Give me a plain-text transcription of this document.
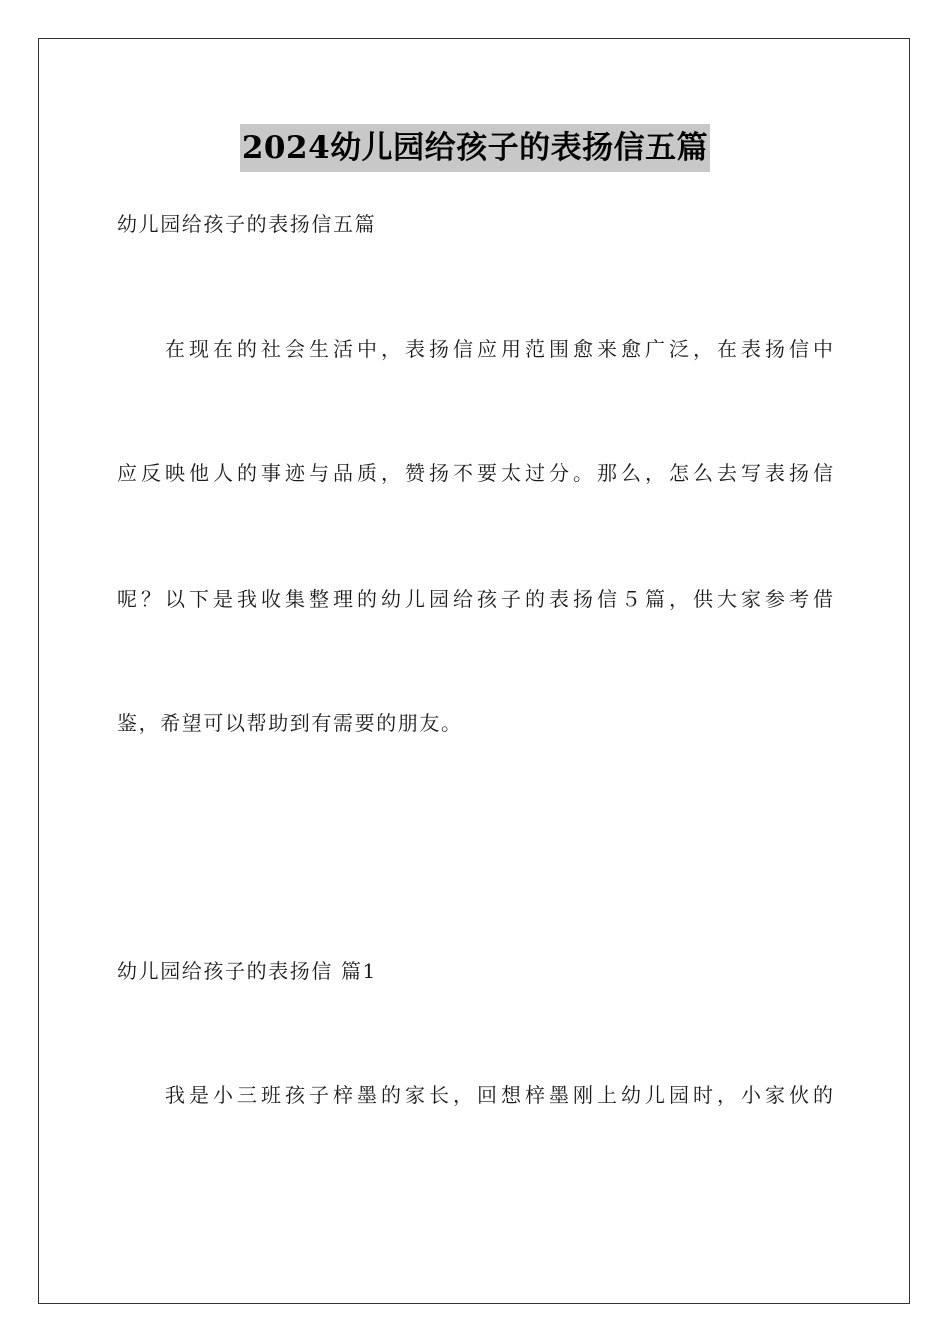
2024幼儿园给孩子的表扬信五篇
幼儿园给孩子的表扬信五篇
在现在的社会生活中，表扬信应用范围愈来愈广泛，在表扬信中
应反映他人的事迹与品质，赞扬不要太过分。那么，怎么去写表扬信
呢？以下是我收集整理的幼儿园给孩子的表扬信５篇，供大家参考借
鉴，希望可以帮助到有需要的朋友。
幼儿园给孩子的表扬信 篇1
我是小三班孩子梓墨的家长，回想梓墨刚上幼儿园时，小家伙的
